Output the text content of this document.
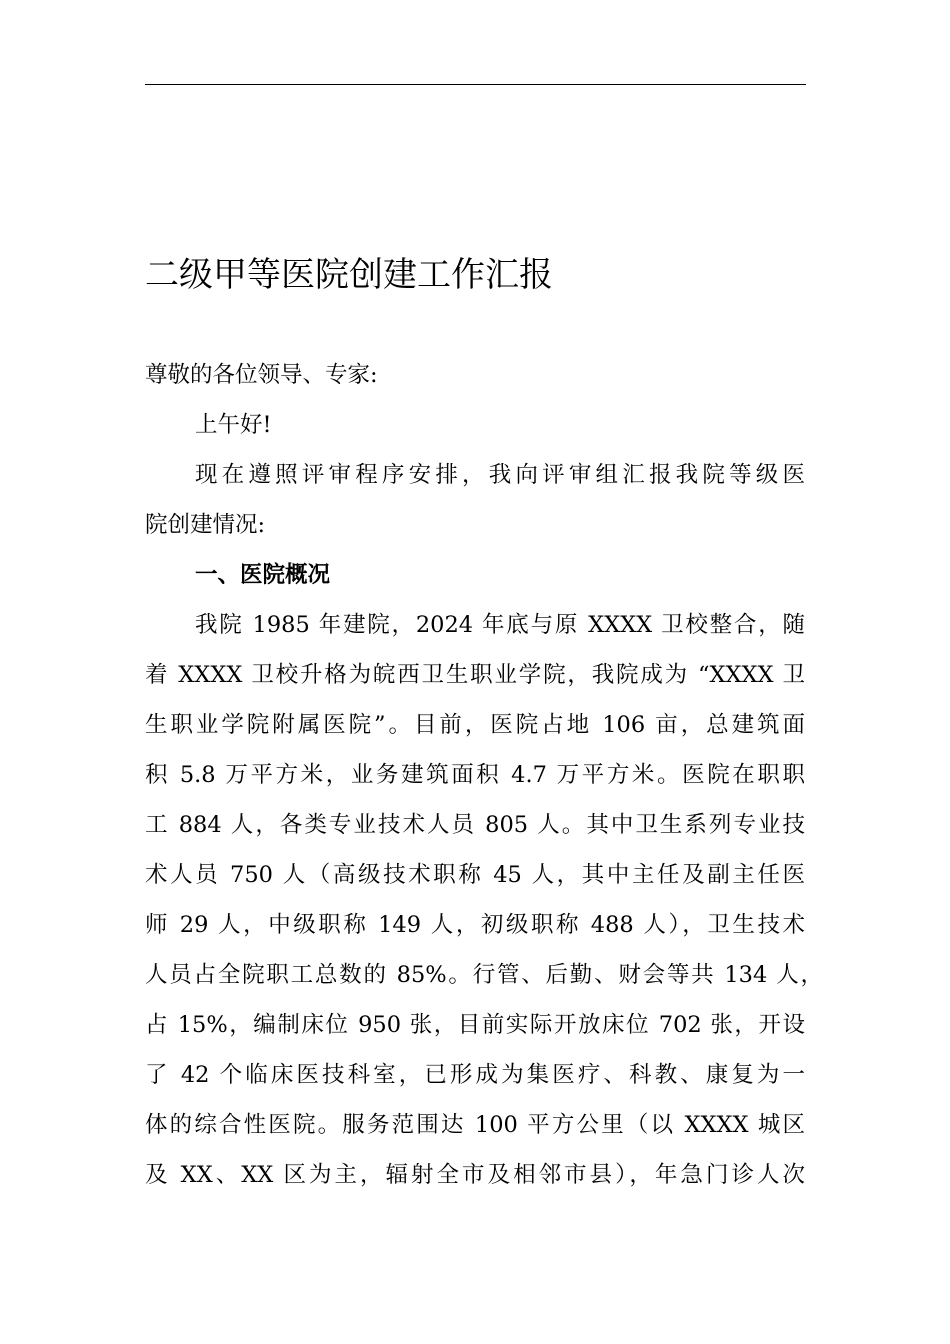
二级甲等医院创建工作汇报

尊敬的各位领导、专家:

上午好!

现在遵照评审程序安排，我向评审组汇报我院等级医
院创建情况:

一、医院概况

我院 1985 年建院，2024 年底与原 XXXX 卫校整合，随
着 XXXX 卫校升格为皖西卫生职业学院，我院成为 “XXXX 卫
生职业学院附属医院”。目前，医院占地 106 亩，总建筑面
积 5.8 万平方米，业务建筑面积 4.7 万平方米。医院在职职
工 884 人，各类专业技术人员 805 人。其中卫生系列专业技
术人员 750 人（高级技术职称 45 人，其中主任及副主任医
师 29 人，中级职称 149 人，初级职称 488 人），卫生技术
人员占全院职工总数的 85%。行管、后勤、财会等共 134 人，
占 15%，编制床位 950 张，目前实际开放床位 702 张，开设
了 42 个临床医技科室，已形成为集医疗、科教、康复为一
体的综合性医院。服务范围达 100 平方公里（以 XXXX 城区
及 XX、XX 区为主，辐射全市及相邻市县），年急门诊人次
